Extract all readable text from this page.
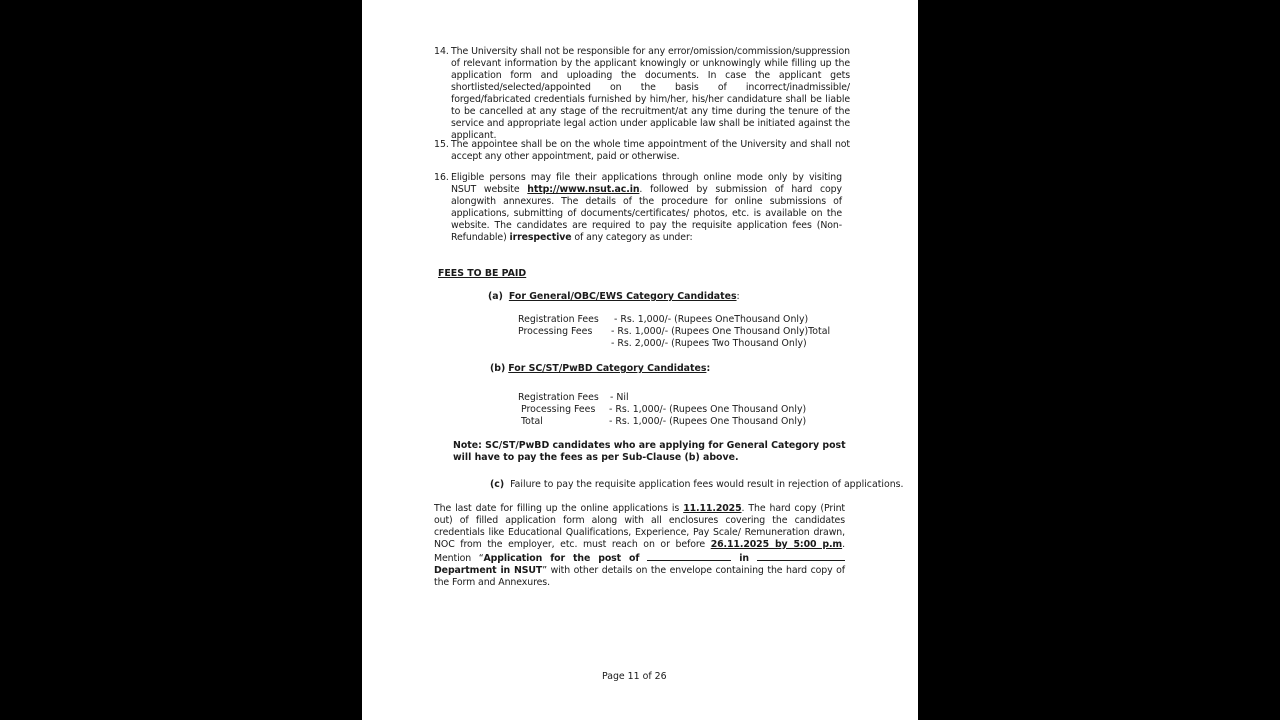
14. The University shall not be responsible for any error/omission/commission/suppression of relevant information by the applicant knowingly or unknowingly while filling up the application form and uploading the documents. In case the applicant gets shortlisted/selected/appointed on the basis of incorrect/inadmissible/ forged/fabricated credentials furnished by him/her, his/her candidature shall be liable to be cancelled at any stage of the recruitment/at any time during the tenure of the service and appropriate legal action under applicable law shall be initiated against the applicant.
15. The appointee shall be on the whole time appointment of the University and shall not accept any other appointment, paid or otherwise.
16. Eligible persons may file their applications through online mode only by visiting NSUT website http://www.nsut.ac.in. followed by submission of hard copy alongwith annexures. The details of the procedure for online submissions of applications, submitting of documents/certificates/ photos, etc. is available on the website. The candidates are required to pay the requisite application fees (Non-Refundable) irrespective of any category as under:
FEES TO BE PAID
(a) For General/OBC/EWS Category Candidates:
Registration Fees - Rs. 1,000/- (Rupees OneThousand Only)
Processing Fees - Rs. 1,000/- (Rupees One Thousand Only)Total
- Rs. 2,000/- (Rupees Two Thousand Only)
(b) For SC/ST/PwBD Category Candidates:
Registration Fees - Nil
Processing Fees - Rs. 1,000/- (Rupees One Thousand Only)
Total	- Rs. 1,000/- (Rupees One Thousand Only)
Note: SC/ST/PwBD candidates who are applying for General Category post
will have to pay the fees as per Sub-Clause (b) above.
(c) Failure to pay the requisite application fees would result in rejection of applications.
The last date for filling up the online applications is 11.11.2025. The hard copy (Print out) of filled application form along with all enclosures covering the candidates credentials like Educational Qualifications, Experience, Pay Scale/ Remuneration drawn, NOC from the employer, etc. must reach on or before 26.11.2025 by 5:00 p.m. Mention “Application for the post of	in  Department in NSUT” with other details on the envelope containing the hard copy of the Form and Annexures.
Page 11 of 26
